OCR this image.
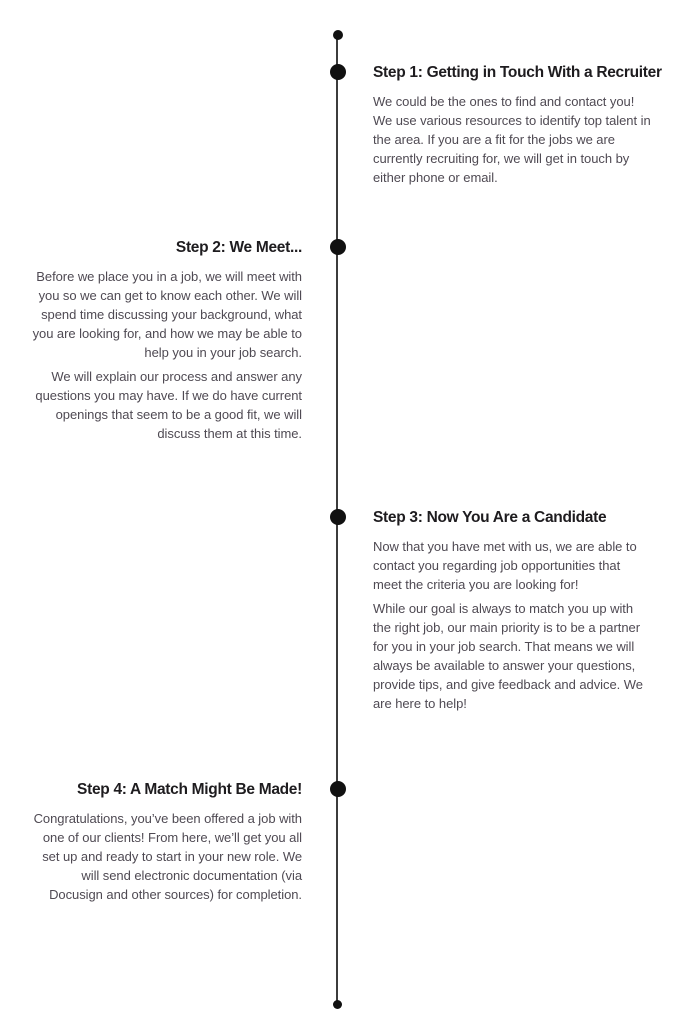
Step 1: Getting in Touch With a Recruiter

We could be the ones to find and contact you! We use various resources to identify top talent in the area. If you are a fit for the jobs we are currently recruiting for, we will get in touch by either phone or email.

Step 2: We Meet...

Before we place you in a job, we will meet with you so we can get to know each other. We will spend time discussing your background, what you are looking for, and how we may be able to help you in your job search.

We will explain our process and answer any questions you may have. If we do have current openings that seem to be a good fit, we will discuss them at this time.

Step 3: Now You Are a Candidate

Now that you have met with us, we are able to contact you regarding job opportunities that meet the criteria you are looking for!

While our goal is always to match you up with the right job, our main priority is to be a partner for you in your job search. That means we will always be available to answer your questions, provide tips, and give feedback and advice. We are here to help!

Step 4: A Match Might Be Made!

Congratulations, you’ve been offered a job with one of our clients! From here, we’ll get you all set up and ready to start in your new role. We will send electronic documentation (via Docusign and other sources) for completion.
